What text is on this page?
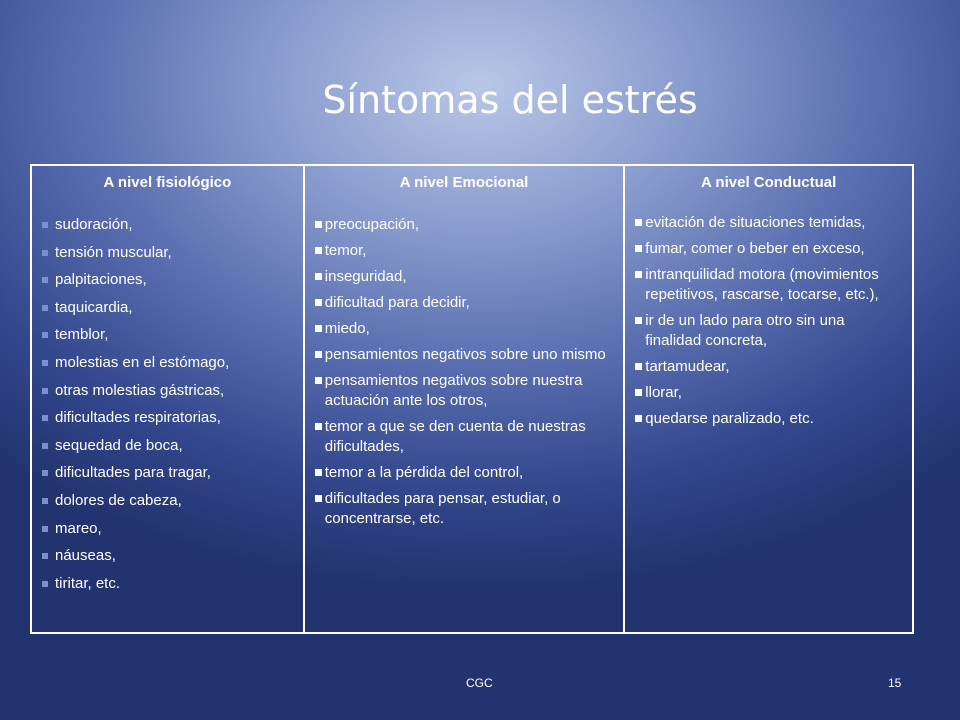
Síntomas del estrés
A nivel fisiológico
sudoración,
tensión muscular,
palpitaciones,
taquicardia,
temblor,
molestias en el estómago,
otras molestias gástricas,
dificultades respiratorias,
sequedad de boca,
dificultades para tragar,
dolores de cabeza,
mareo,
náuseas,
tiritar, etc.
A nivel Emocional
preocupación,
temor,
inseguridad,
dificultad para decidir,
miedo,
pensamientos negativos sobre uno mismo
pensamientos negativos sobre nuestra actuación ante los otros,
temor a que se den cuenta de nuestras dificultades,
temor a la pérdida del control,
dificultades para pensar, estudiar, o concentrarse, etc.
A nivel Conductual
evitación de situaciones temidas,
fumar, comer o beber en exceso,
intranquilidad motora (movimientos repetitivos, rascarse, tocarse, etc.),
ir de un lado para otro sin una finalidad concreta,
tartamudear,
llorar,
quedarse paralizado, etc.
CGC	15
